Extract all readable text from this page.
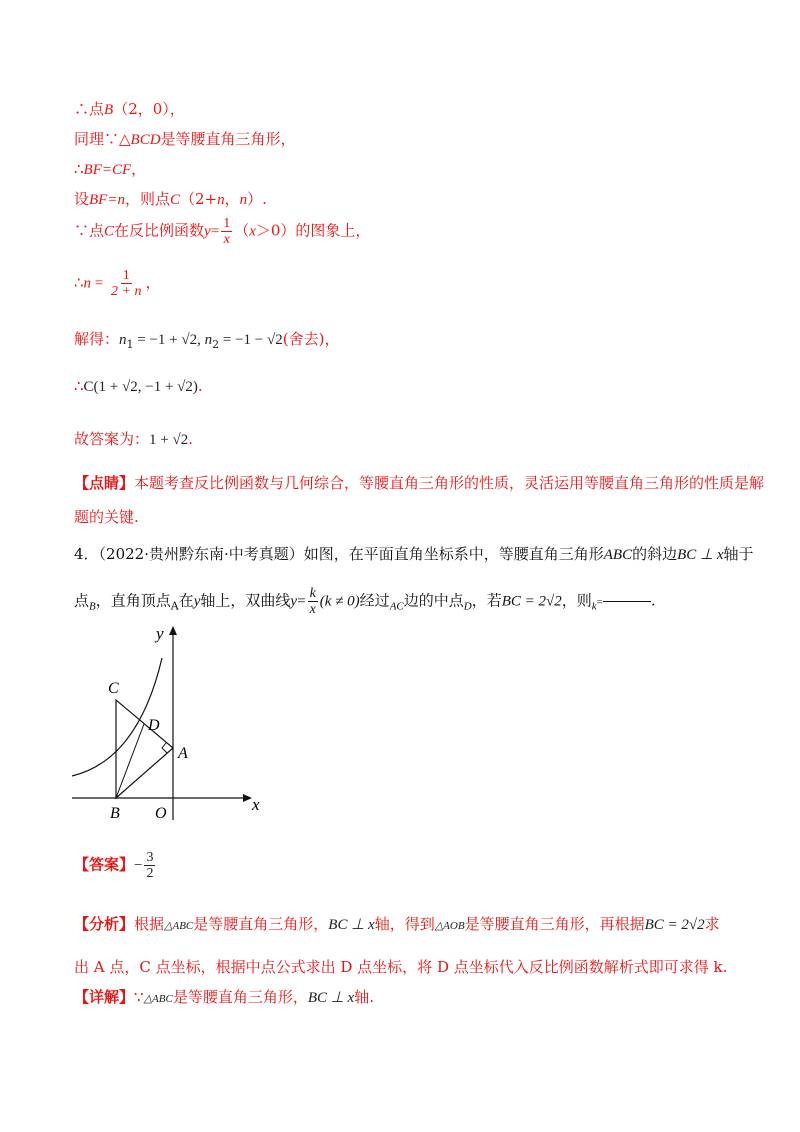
∴点B（2，0），
同理∵△BCD是等腰直角三角形，
∴BF=CF，
设BF=n，则点C（2+n，n）.
∵点C在反比例函数$y= \frac{1}{x} (x>0)$的图象上，
∴n = $\frac{1}{2 + n}$ ，
解得：$n_1 = -1 + √2$, $n_2 = -1 - √2$(舍去)，
∴C(1 + √2, −1 + √2).
故答案为：1 + √2.
【点睛】本题考查反比例函数与几何综合，等腰直角三角形的性质，灵活运用等腰直角三角形的性质是解
题的关键.
4．（2022·贵州黔东南·中考真题）如图，在平面直角坐标系中，等腰直角三角形ABC的斜边BC ⊥ x轴于
点$_B$，直角顶点$_A$在y轴上，双曲线$y= \frac{k}{x} (k \ne 0)$经过$_{AC}$边的中点$_D$，若BC = 2√2，则$_k$=	.
y
x
C
D
A
B O
【答案】− $\frac{3}{2}$
【分析】根据△ABC是等腰直角三角形，BC ⊥ x轴，得到△AOB是等腰直角三角形，再根据BC = 2√2求
出 A 点，C 点坐标，根据中点公式求出 D 点坐标，将 D 点坐标代入反比例函数解析式即可求得 k.
【详解】∵△ABC是等腰直角三角形，BC ⊥ x轴.
